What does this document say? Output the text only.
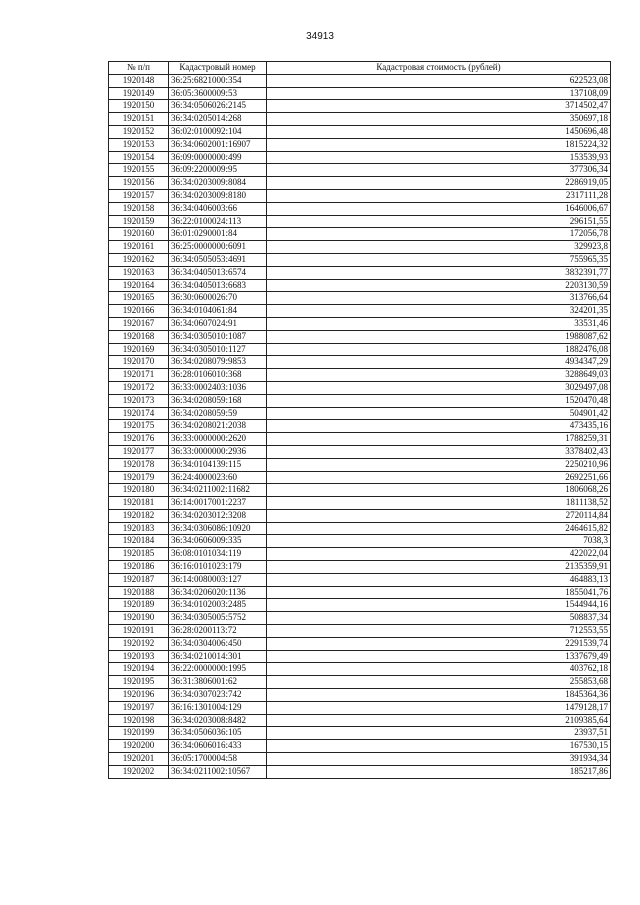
34913
№ п/п	Кадастровый номер	Кадастровая стоимость (рублей)
1920148	36:25:6821000:354	622523,08
1920149	36:05:3600009:53	137108,09
1920150	36:34:0506026:2145	3714502,47
1920151	36:34:0205014:268	350697,18
1920152	36:02:0100092:104	1450696,48
1920153	36:34:0602001:16907	1815224,32
1920154	36:09:0000000:499	153539,93
1920155	36:09:2200009:95	377306,34
1920156	36:34:0203009:8084	2286919,05
1920157	36:34:0203009:8180	2317111,28
1920158	36:34:0406003:66	1646006,67
1920159	36:22:0100024:113	296151,55
1920160	36:01:0290001:84	172056,78
1920161	36:25:0000000:6091	329923,8
1920162	36:34:0505053:4691	755965,35
1920163	36:34:0405013:6574	3832391,77
1920164	36:34:0405013:6683	2203130,59
1920165	36:30:0600026:70	313766,64
1920166	36:34:0104061:84	324201,35
1920167	36:34:0607024:91	33531,46
1920168	36:34:0305010:1087	1988087,62
1920169	36:34:0305010:1127	1882476,08
1920170	36:34:0208079:9853	4934347,29
1920171	36:28:0106010:368	3288649,03
1920172	36:33:0002403:1036	3029497,08
1920173	36:34:0208059:168	1520470,48
1920174	36:34:0208059:59	504901,42
1920175	36:34:0208021:2038	473435,16
1920176	36:33:0000000:2620	1788259,31
1920177	36:33:0000000:2936	3378402,43
1920178	36:34:0104139:115	2250210,96
1920179	36:24:4000023:60	2692251,66
1920180	36:34:0211002:11682	1806068,26
1920181	36:14:0017001:2237	1811138,52
1920182	36:34:0203012:3208	2720114,84
1920183	36:34:0306086:10920	2464615,82
1920184	36:34:0606009:335	7038,3
1920185	36:08:0101034:119	422022,04
1920186	36:16:0101023:179	2135359,91
1920187	36:14:0080003:127	464883,13
1920188	36:34:0206020:1136	1855041,76
1920189	36:34:0102003:2485	1544944,16
1920190	36:34:0305005:5752	508837,34
1920191	36:28:0200113:72	712553,55
1920192	36:34:0304006:450	2291539,74
1920193	36:34:0210014:301	1337679,49
1920194	36:22:0000000:1995	403762,18
1920195	36:31:3806001:62	255853,68
1920196	36:34:0307023:742	1845364,36
1920197	36:16:1301004:129	1479128,17
1920198	36:34:0203008:8482	2109385,64
1920199	36:34:0506036:105	23937,51
1920200	36:34:0606016:433	167530,15
1920201	36:05:1700004:58	391934,34
1920202	36:34:0211002:10567	185217,86
